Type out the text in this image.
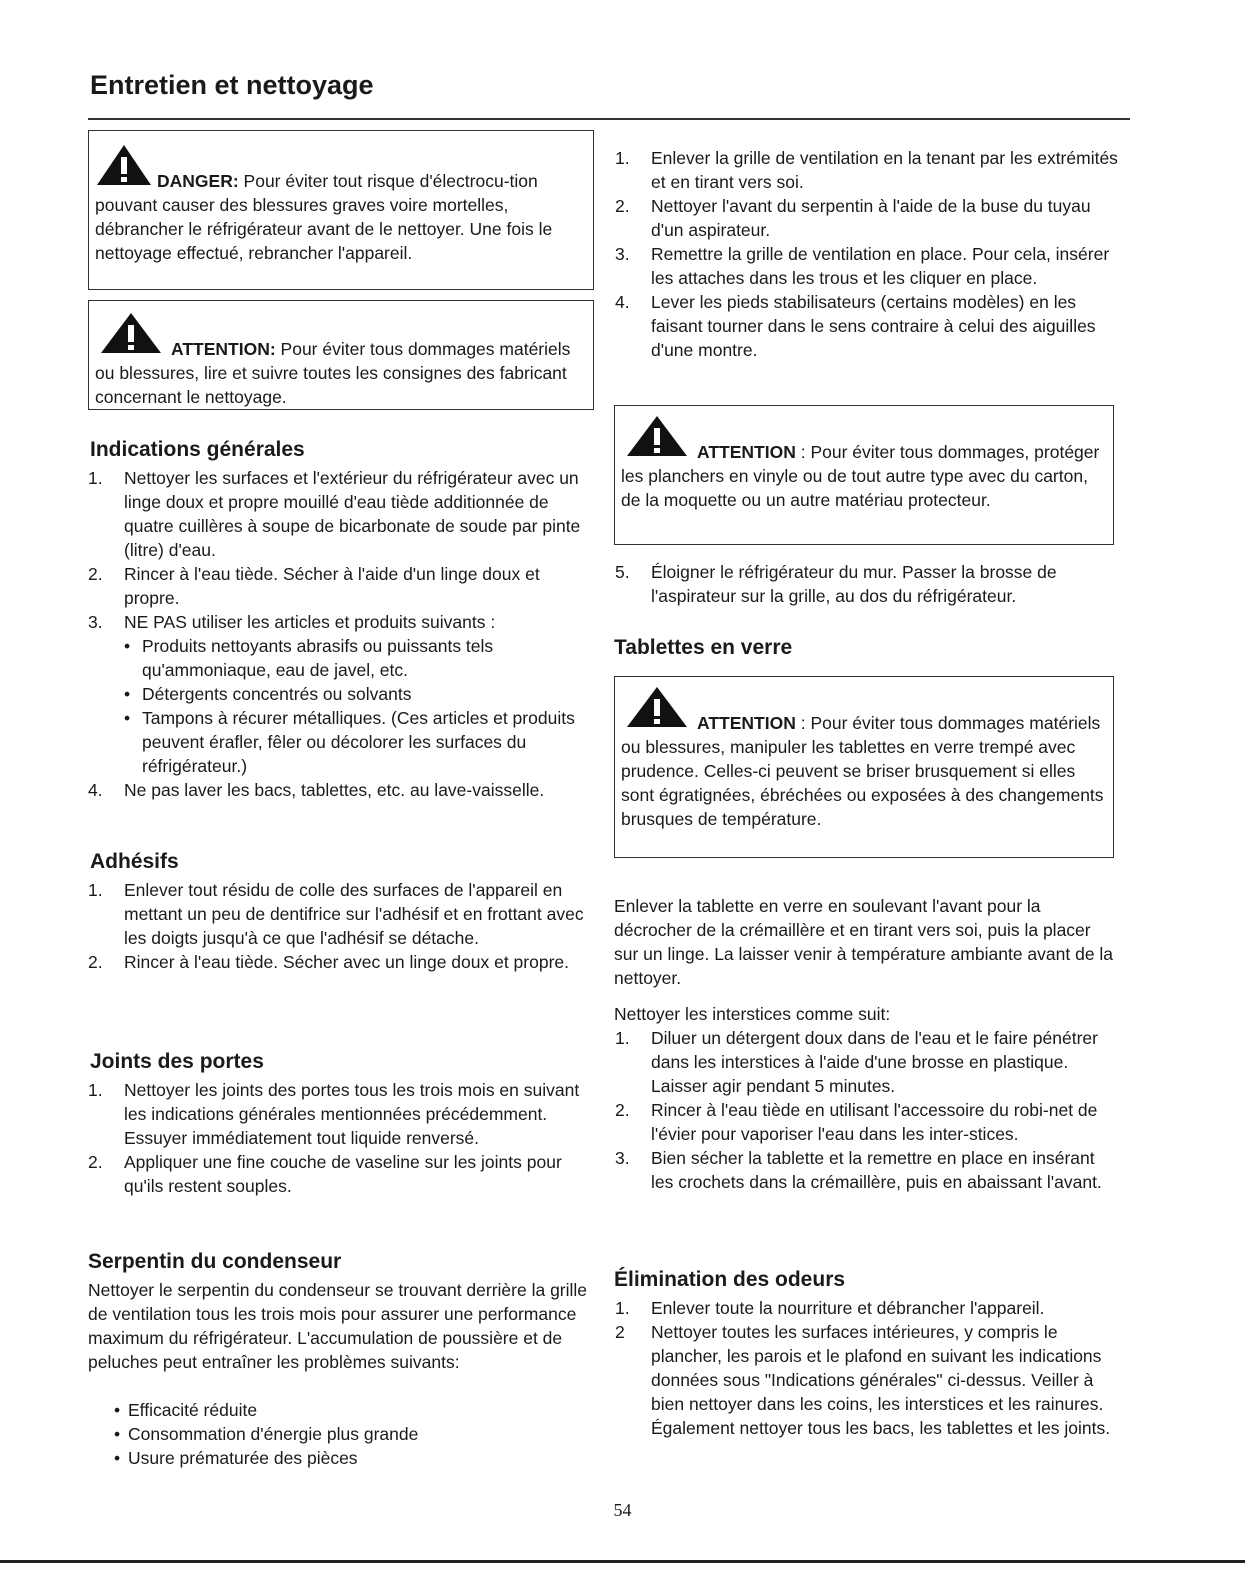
Entretien et nettoyage

DANGER: Pour éviter tout risque d'électrocu-tion pouvant causer des blessures graves voire mortelles, débrancher le réfrigérateur avant de le nettoyer. Une fois le nettoyage effectué, rebrancher l'appareil.

ATTENTION: Pour éviter tous dommages matériels ou blessures, lire et suivre toutes les consignes des fabricant concernant le nettoyage.

Indications générales
1. Nettoyer les surfaces et l'extérieur du réfrigérateur avec un linge doux et propre mouillé d'eau tiède additionnée de quatre cuillères à soupe de bicarbonate de soude par pinte (litre) d'eau.
2. Rincer à l'eau tiède. Sécher à l'aide d'un linge doux et propre.
3. NE PAS utiliser les articles et produits suivants :
• Produits nettoyants abrasifs ou puissants tels qu'ammoniaque, eau de javel, etc.
• Détergents concentrés ou solvants
• Tampons à récurer métalliques. (Ces articles et produits peuvent érafler, fêler ou décolorer les surfaces du réfrigérateur.)
4. Ne pas laver les bacs, tablettes, etc. au lave-vaisselle.
Adhésifs
1. Enlever tout résidu de colle des surfaces de l'appareil en mettant un peu de dentifrice sur l'adhésif et en frottant avec les doigts jusqu'à ce que l'adhésif se détache.
2. Rincer à l'eau tiède. Sécher avec un linge doux et propre.
Joints des portes
1. Nettoyer les joints des portes tous les trois mois en suivant les indications générales mentionnées précédemment. Essuyer immédiatement tout liquide renversé.
2. Appliquer une fine couche de vaseline sur les joints pour qu'ils restent souples.
Serpentin du condenseur

Nettoyer le serpentin du condenseur se trouvant derrière la grille de ventilation tous les trois mois pour assurer une performance maximum du réfrigérateur. L'accumulation de poussière et de peluches peut entraîner les problèmes suivants:

• Efficacité réduite
• Consommation d'énergie plus grande
• Usure prématurée des pièces
1. Enlever la grille de ventilation en la tenant par les extrémités et en tirant vers soi.
2. Nettoyer l'avant du serpentin à l'aide de la buse du tuyau d'un aspirateur.
3. Remettre la grille de ventilation en place. Pour cela, insérer les attaches dans les trous et les cliquer en place.
4. Lever les pieds stabilisateurs (certains modèles) en les faisant tourner dans le sens contraire à celui des aiguilles d'une montre.

ATTENTION : Pour éviter tous dommages, protéger les planchers en vinyle ou de tout autre type avec du carton, de la moquette ou un autre matériau protecteur.

5. Éloigner le réfrigérateur du mur. Passer la brosse de l'aspirateur sur la grille, au dos du réfrigérateur.
Tablettes en verre

ATTENTION : Pour éviter tous dommages matériels ou blessures, manipuler les tablettes en verre trempé avec prudence. Celles-ci peuvent se briser brusquement si elles sont égratignées, ébréchées ou exposées à des changements brusques de température.

Enlever la tablette en verre en soulevant l'avant pour la décrocher de la crémaillère et en tirant vers soi, puis la placer sur un linge. La laisser venir à température ambiante avant de la nettoyer.

Nettoyer les interstices comme suit:

1. Diluer un détergent doux dans de l'eau et le faire pénétrer dans les interstices à l'aide d'une brosse en plastique. Laisser agir pendant 5 minutes.
2. Rincer à l'eau tiède en utilisant l'accessoire du robi-net de l'évier pour vaporiser l'eau dans les inter-stices.
3. Bien sécher la tablette et la remettre en place en insérant les crochets dans la crémaillère, puis en abaissant l'avant.
Élimination des odeurs
1. Enlever toute la nourriture et débrancher l'appareil.
2 Nettoyer toutes les surfaces intérieures, y compris le plancher, les parois et le plafond en suivant les indications données sous "Indications générales" ci-dessus. Veiller à bien nettoyer dans les coins, les interstices et les rainures. Également nettoyer tous les bacs, les tablettes et les joints.
54
